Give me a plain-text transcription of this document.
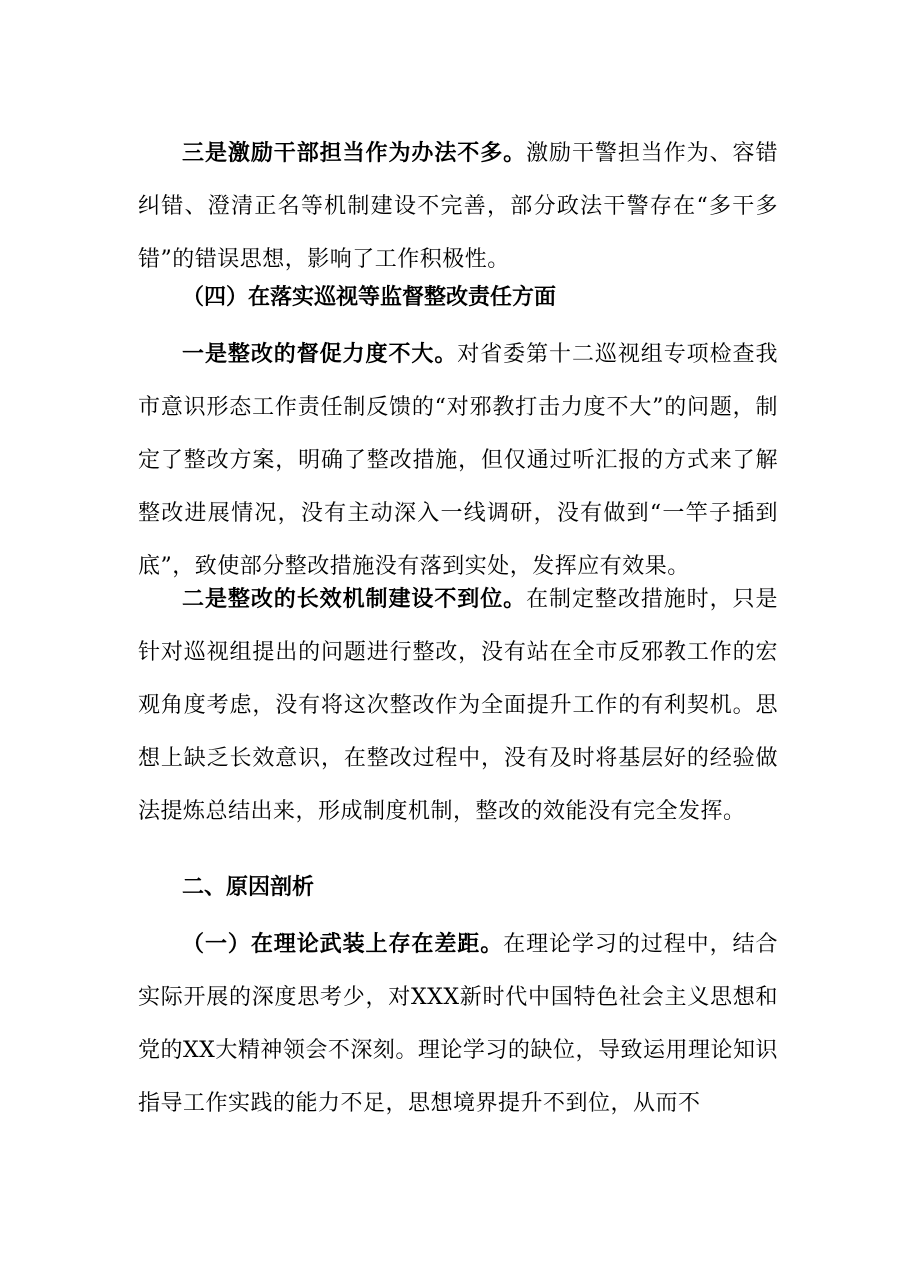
三是激励干部担当作为办法不多。激励干警担当作为、容错纠错、澄清正名等机制建设不完善，部分政法干警存在“多干多错”的错误思想，影响了工作积极性。

（四）在落实巡视等监督整改责任方面

一是整改的督促力度不大。对省委第十二巡视组专项检查我市意识形态工作责任制反馈的“对邪教打击力度不大”的问题，制定了整改方案，明确了整改措施，但仅通过听汇报的方式来了解整改进展情况，没有主动深入一线调研，没有做到“一竿子插到底”，致使部分整改措施没有落到实处，发挥应有效果。

二是整改的长效机制建设不到位。在制定整改措施时，只是针对巡视组提出的问题进行整改，没有站在全市反邪教工作的宏观角度考虑，没有将这次整改作为全面提升工作的有利契机。思想上缺乏长效意识，在整改过程中，没有及时将基层好的经验做法提炼总结出来，形成制度机制，整改的效能没有完全发挥。

二、原因剖析

（一）在理论武装上存在差距。在理论学习的过程中，结合实际开展的深度思考少，对XXX新时代中国特色社会主义思想和党的XX大精神领会不深刻。理论学习的缺位，导致运用理论知识指导工作实践的能力不足，思想境界提升不到位，从而不
